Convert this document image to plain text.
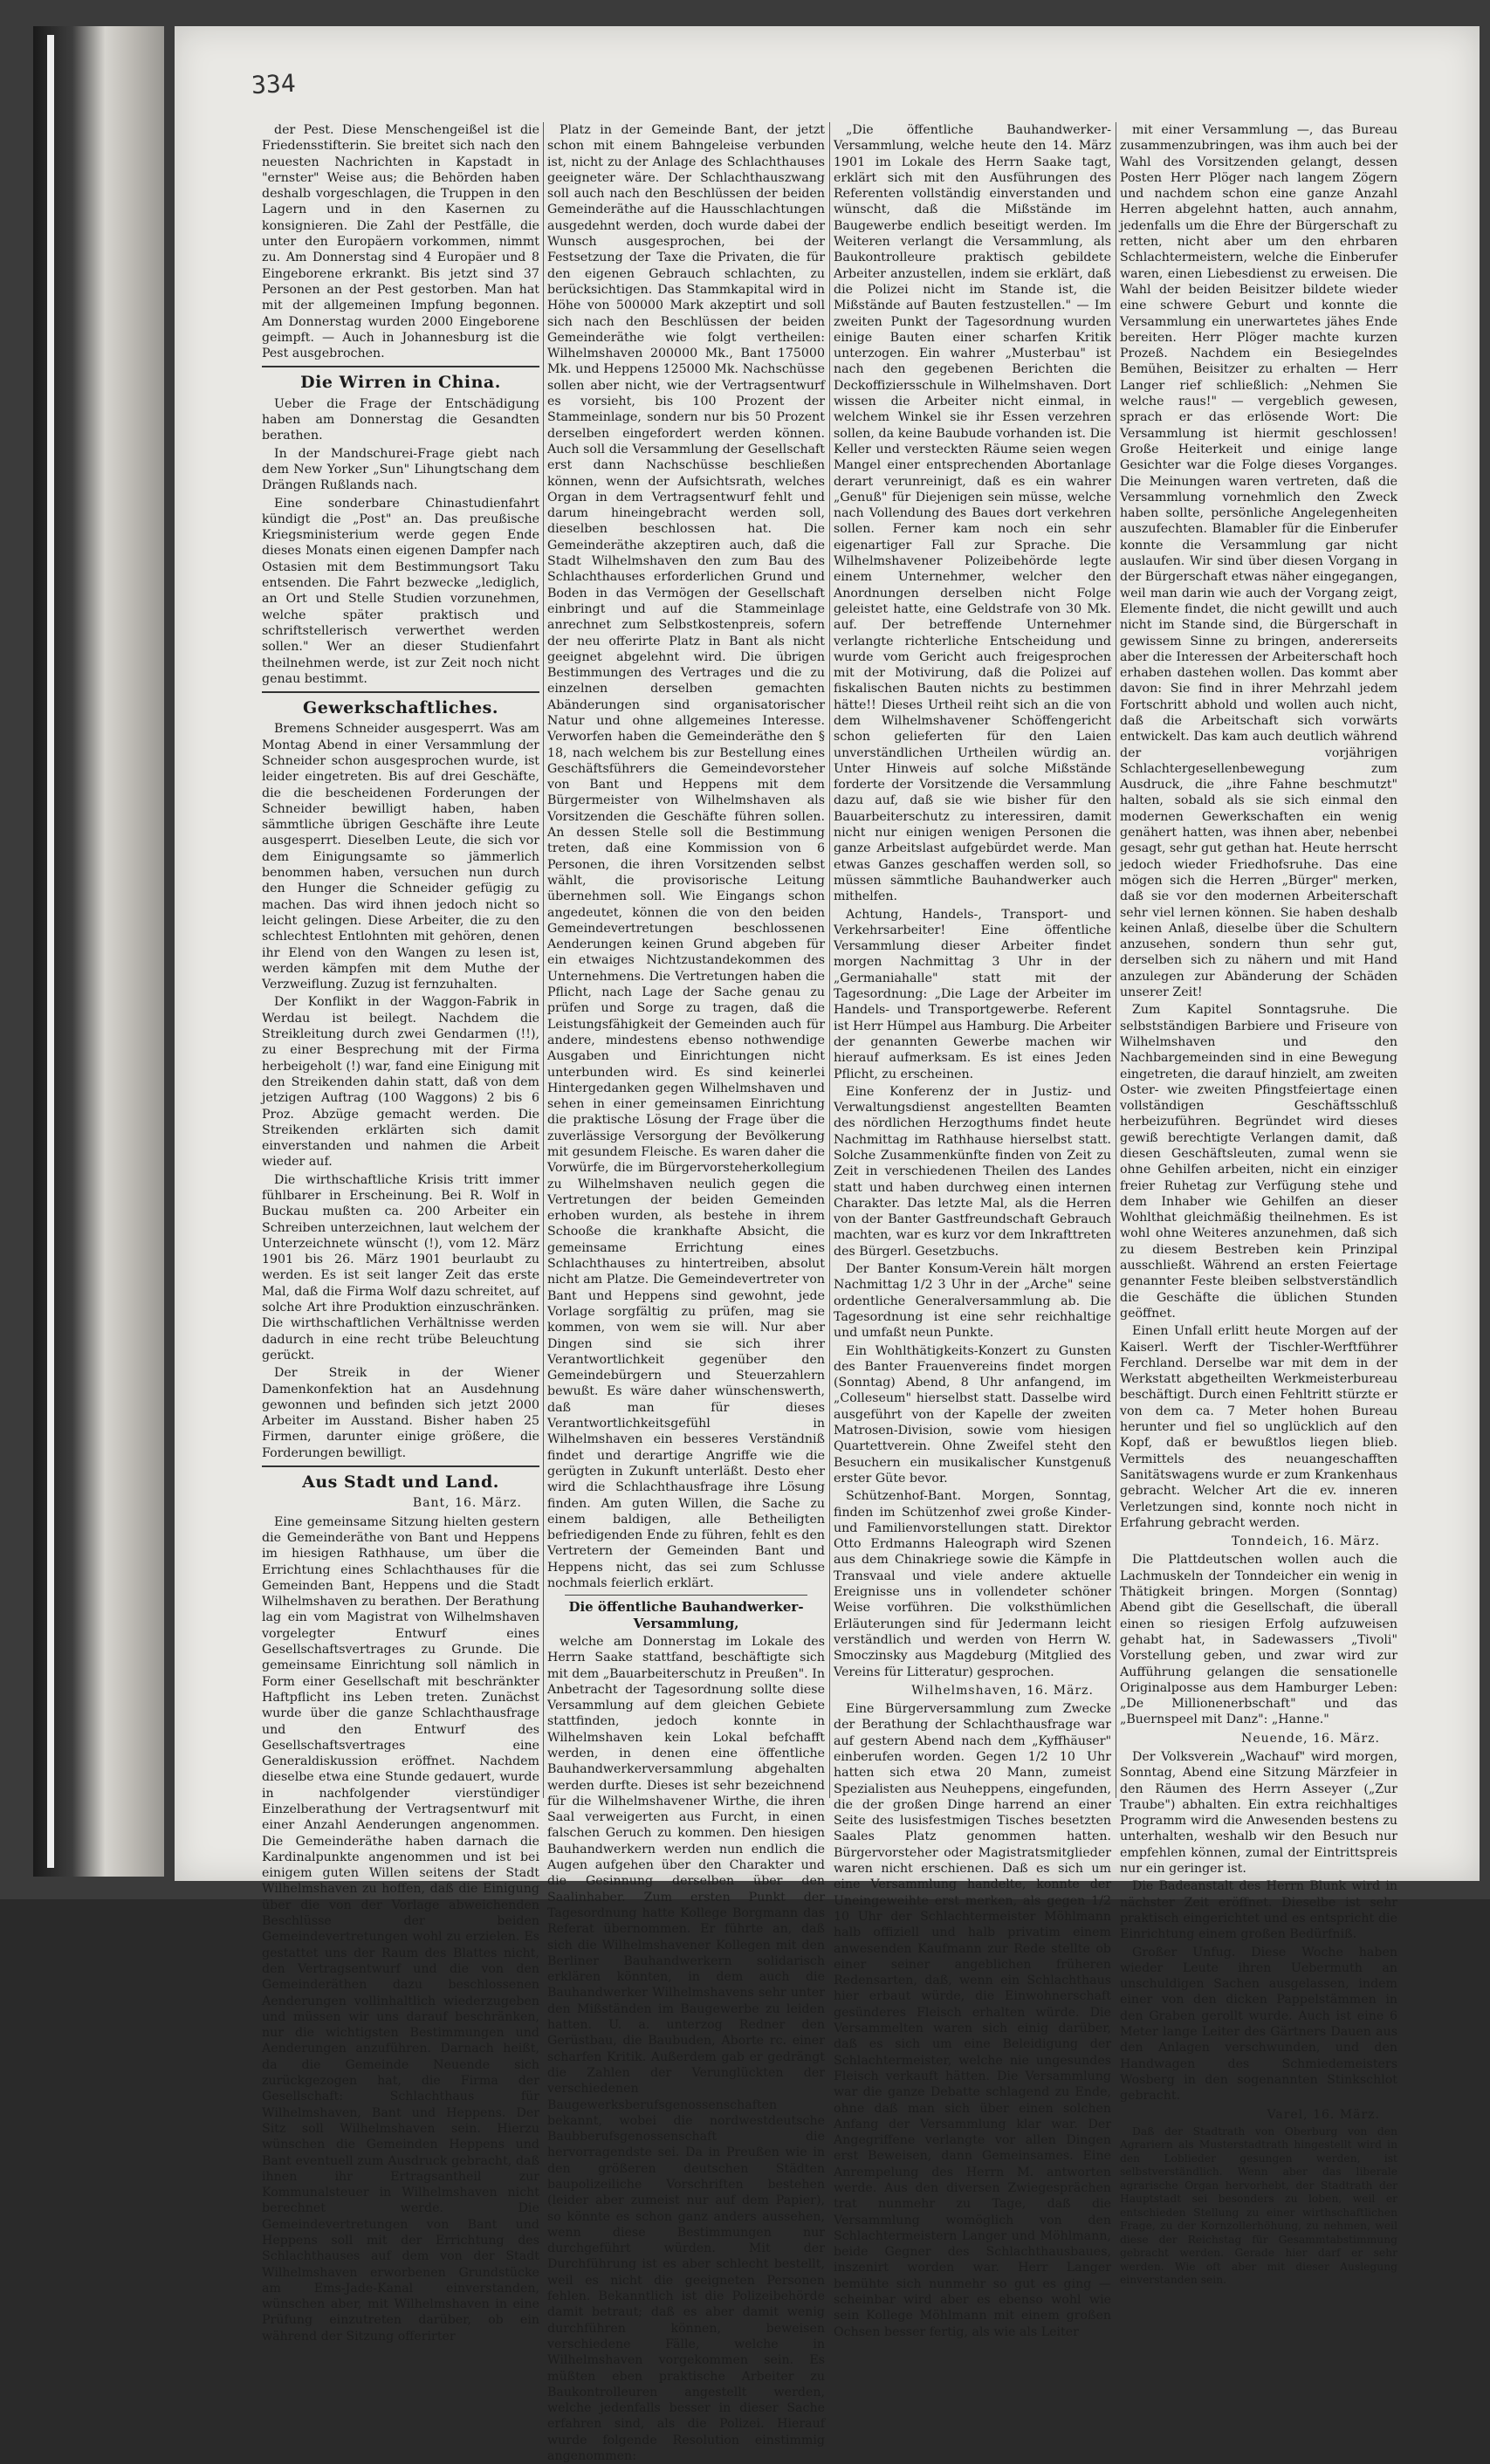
334

der Pest. Diese Menschengeißel ist die Friedensstifterin. Sie breitet sich nach den neuesten Nachrichten in Kapstadt in "ernster" Weise aus; die Behörden haben deshalb vorgeschlagen, die Truppen in den Lagern und in den Kasernen zu konsignieren. Die Zahl der Pestfälle, die unter den Europäern vorkommen, nimmt zu. Am Donnerstag sind 4 Europäer und 8 Eingeborene erkrankt. Bis jetzt sind 37 Personen an der Pest gestorben. Man hat mit der allgemeinen Impfung begonnen. Am Donnerstag wurden 2000 Eingeborene geimpft. — Auch in Johannesburg ist die Pest ausgebrochen.

Die Wirren in China.

Ueber die Frage der Entschädigung haben am Donnerstag die Gesandten berathen.

In der Mandschurei-Frage giebt nach dem New Yorker „Sun" Lihungtschang dem Drängen Rußlands nach.

Eine sonderbare Chinastudienfahrt kündigt die „Post" an. Das preußische Kriegsministerium werde gegen Ende dieses Monats einen eigenen Dampfer nach Ostasien mit dem Bestimmungsort Taku entsenden. Die Fahrt bezwecke „lediglich, an Ort und Stelle Studien vorzunehmen, welche später praktisch und schriftstellerisch verwerthet werden sollen." Wer an dieser Studienfahrt theilnehmen werde, ist zur Zeit noch nicht genau bestimmt.

Gewerkschaftliches.

Bremens Schneider ausgesperrt. Was am Montag Abend in einer Versammlung der Schneider schon ausgesprochen wurde, ist leider eingetreten. Bis auf drei Geschäfte, die die bescheidenen Forderungen der Schneider bewilligt haben, haben sämmtliche übrigen Geschäfte ihre Leute ausgesperrt. Dieselben Leute, die sich vor dem Einigungsamte so jämmerlich benommen haben, versuchen nun durch den Hunger die Schneider gefügig zu machen. Das wird ihnen jedoch nicht so leicht gelingen. Diese Arbeiter, die zu den schlechtest Entlohnten mit gehören, denen ihr Elend von den Wangen zu lesen ist, werden kämpfen mit dem Muthe der Verzweiflung. Zuzug ist fernzuhalten.

Der Konflikt in der Waggon-Fabrik in Werdau ist beilegt. Nachdem die Streikleitung durch zwei Gendarmen (!!), zu einer Besprechung mit der Firma herbeigeholt (!) war, fand eine Einigung mit den Streikenden dahin statt, daß von dem jetzigen Auftrag (100 Waggons) 2 bis 6 Proz. Abzüge gemacht werden. Die Streikenden erklärten sich damit einverstanden und nahmen die Arbeit wieder auf.

Die wirthschaftliche Krisis tritt immer fühlbarer in Erscheinung. Bei R. Wolf in Buckau mußten ca. 200 Arbeiter ein Schreiben unterzeichnen, laut welchem der Unterzeichnete wünscht (!), vom 12. März 1901 bis 26. März 1901 beurlaubt zu werden. Es ist seit langer Zeit das erste Mal, daß die Firma Wolf dazu schreitet, auf solche Art ihre Produktion einzuschränken. Die wirthschaftlichen Verhältnisse werden dadurch in eine recht trübe Beleuchtung gerückt.

Der Streik in der Wiener Damenkonfektion hat an Ausdehnung gewonnen und befinden sich jetzt 2000 Arbeiter im Ausstand. Bisher haben 25 Firmen, darunter einige größere, die Forderungen bewilligt.

Aus Stadt und Land.
Bant, 16. März.

Eine gemeinsame Sitzung hielten gestern die Gemeinderäthe von Bant und Heppens im hiesigen Rathhause, um über die Errichtung eines Schlachthauses für die Gemeinden Bant, Heppens und die Stadt Wilhelmshaven zu berathen. Der Berathung lag ein vom Magistrat von Wilhelmshaven vorgelegter Entwurf eines Gesellschaftsvertrages zu Grunde. Die gemeinsame Einrichtung soll nämlich in Form einer Gesellschaft mit beschränkter Haftpflicht ins Leben treten. Zunächst wurde über die ganze Schlachthausfrage und den Entwurf des Gesellschaftsvertrages eine Generaldiskussion eröffnet. Nachdem dieselbe etwa eine Stunde gedauert, wurde in nachfolgender vierstündiger Einzelberathung der Vertragsentwurf mit einer Anzahl Aenderungen angenommen. Die Gemeinderäthe haben darnach die Kardinalpunkte angenommen und ist bei einigem guten Willen seitens der Stadt Wilhelmshaven zu hoffen, daß die Einigung über die von der Vorlage abweichenden Beschlüsse der beiden Gemeindevertretungen wohl zu erzielen. Es gestattet uns der Raum des Blattes nicht, den Vertragsentwurf und die von den Gemeinderäthen dazu beschlossenen Aenderungen vollinhaltlich wiederzugeben und müssen wir uns darauf beschränken, nur die wichtigsten Bestimmungen und Aenderungen anzuführen. Darnach heißt, da die Gemeinde Neuende sich zurückgezogen hat, die Firma der Gesellschaft: Schlachthaus für Wilhelmshaven, Bant und Heppens. Der Sitz soll Wilhelmshaven sein. Hierzu wünschen die Gemeinden Heppens und Bant eventuell zum Ausdruck gebracht, daß ihnen ihr Ertragsantheil zur Kommunalsteuer in Wilhelmshaven nicht berechnet werde. Die Gemeindevertretungen von Bant und Heppens soll mit der Errichtung des Schlachthauses auf dem von der Stadt Wilhelmshaven erworbenen Grundstücke am Ems-Jade-Kanal einverstanden, wünschen aber, mit Wilhelmshaven in eine Prüfung einzutreten darüber, ob ein während der Sitzung offerirter

Platz in der Gemeinde Bant, der jetzt schon mit einem Bahngeleise verbunden ist, nicht zu der Anlage des Schlachthauses geeigneter wäre. Der Schlachthauszwang soll auch nach den Beschlüssen der beiden Gemeinderäthe auf die Hausschlachtungen ausgedehnt werden, doch wurde dabei der Wunsch ausgesprochen, bei der Festsetzung der Taxe die Privaten, die für den eigenen Gebrauch schlachten, zu berücksichtigen. Das Stammkapital wird in Höhe von 500000 Mark akzeptirt und soll sich nach den Beschlüssen der beiden Gemeinderäthe wie folgt vertheilen: Wilhelmshaven 200000 Mk., Bant 175000 Mk. und Heppens 125000 Mk. Nachschüsse sollen aber nicht, wie der Vertragsentwurf es vorsieht, bis 100 Prozent der Stammeinlage, sondern nur bis 50 Prozent derselben eingefordert werden können. Auch soll die Versammlung der Gesellschaft erst dann Nachschüsse beschließen können, wenn der Aufsichtsrath, welches Organ in dem Vertragsentwurf fehlt und darum hineingebracht werden soll, dieselben beschlossen hat. Die Gemeinderäthe akzeptiren auch, daß die Stadt Wilhelmshaven den zum Bau des Schlachthauses erforderlichen Grund und Boden in das Vermögen der Gesellschaft einbringt und auf die Stammeinlage anrechnet zum Selbstkostenpreis, sofern der neu offerirte Platz in Bant als nicht geeignet abgelehnt wird. Die übrigen Bestimmungen des Vertrages und die zu einzelnen derselben gemachten Abänderungen sind organisatorischer Natur und ohne allgemeines Interesse. Verworfen haben die Gemeinderäthe den § 18, nach welchem bis zur Bestellung eines Geschäftsführers die Gemeindevorsteher von Bant und Heppens mit dem Bürgermeister von Wilhelmshaven als Vorsitzenden die Geschäfte führen sollen. An dessen Stelle soll die Bestimmung treten, daß eine Kommission von 6 Personen, die ihren Vorsitzenden selbst wählt, die provisorische Leitung übernehmen soll. Wie Eingangs schon angedeutet, können die von den beiden Gemeindevertretungen beschlossenen Aenderungen keinen Grund abgeben für ein etwaiges Nichtzustandekommen des Unternehmens. Die Vertretungen haben die Pflicht, nach Lage der Sache genau zu prüfen und Sorge zu tragen, daß die Leistungsfähigkeit der Gemeinden auch für andere, mindestens ebenso nothwendige Ausgaben und Einrichtungen nicht unterbunden wird. Es sind keinerlei Hintergedanken gegen Wilhelmshaven und sehen in einer gemeinsamen Einrichtung die praktische Lösung der Frage über die zuverlässige Versorgung der Bevölkerung mit gesundem Fleische. Es waren daher die Vorwürfe, die im Bürgervorsteherkollegium zu Wilhelmshaven neulich gegen die Vertretungen der beiden Gemeinden erhoben wurden, als bestehe in ihrem Schooße die krankhafte Absicht, die gemeinsame Errichtung eines Schlachthauses zu hintertreiben, absolut nicht am Platze. Die Gemeindevertreter von Bant und Heppens sind gewohnt, jede Vorlage sorgfältig zu prüfen, mag sie kommen, von wem sie will. Nur aber Dingen sind sie sich ihrer Verantwortlichkeit gegenüber den Gemeindebürgern und Steuerzahlern bewußt. Es wäre daher wünschenswerth, daß man für dieses Verantwortlichkeitsgefühl in Wilhelmshaven ein besseres Verständniß findet und derartige Angriffe wie die gerügten in Zukunft unterläßt. Desto eher wird die Schlachthausfrage ihre Lösung finden. Am guten Willen, die Sache zu einem baldigen, alle Betheiligten befriedigenden Ende zu führen, fehlt es den Vertretern der Gemeinden Bant und Heppens nicht, das sei zum Schlusse nochmals feierlich erklärt.

Die öffentliche Bauhandwerker-Versammlung,

welche am Donnerstag im Lokale des Herrn Saake stattfand, beschäftigte sich mit dem „Bauarbeiterschutz in Preußen". In Anbetracht der Tagesordnung sollte diese Versammlung auf dem gleichen Gebiete stattfinden, jedoch konnte in Wilhelmshaven kein Lokal befchafft werden, in denen eine öffentliche Bauhandwerkerversammlung abgehalten werden durfte. Dieses ist sehr bezeichnend für die Wilhelmshavener Wirthe, die ihren Saal verweigerten aus Furcht, in einen falschen Geruch zu kommen. Den hiesigen Bauhandwerkern werden nun endlich die Augen aufgehen über den Charakter und die Gesinnung derselben über den Saalinhaber. Zum ersten Punkt der Tagesordnung hatte Kollege Borgmann das Referat übernommen. Er führte an, daß sich die Wilhelmshavener Kollegen mit den Berliner Bauhandwerkern solidarisch erklären könnten, in dem auch die Bauhandwerker Wilhelmshavens sehr unter den Mißständen im Baugewerbe zu leiden hatten. U. a. unterzog Redner den Gerüstbau, die Baubuden, Aborte rc. einer scharfen Kritik. Außerdem gab er gedrängt die Zahlen der Verunglückten der verschiedenen Baugewerksberufsgenossenschaften bekannt, wobei die nordwestdeutsche Baubberufsgenossenschaft die hervorragendste sei. Da in Preußen wie in den größeren deutschen Städten baupolizeiliche Vorschriften bestehen (leider aber zumeist nur auf dem Papier), so könnte es schon ganz anders aussehen, wenn diese Bestimmungen nur durchgeführt würden. Mit der Durchführung ist es aber schlecht bestellt, weil es nicht die geeigneten Personen fehlen. Bekanntlich ist die Polizeibehörde damit betraut; daß es aber damit wenig durchführen können, beweisen verschiedene Fälle, welche in Wilhelmshaven vorgekommen sein. Es müßten eben praktische Arbeiter zu Baukontrolleuren angestellt werden, welche jedenfalls besser in dieser Sache erfahren sind, als die Polizei. Hierauf wurde folgende Resolution einstimmig angenommen:

„Die öffentliche Bauhandwerker-Versammlung, welche heute den 14. März 1901 im Lokale des Herrn Saake tagt, erklärt sich mit den Ausführungen des Referenten vollständig einverstanden und wünscht, daß die Mißstände im Baugewerbe endlich beseitigt werden. Im Weiteren verlangt die Versammlung, als Baukontrolleure praktisch gebildete Arbeiter anzustellen, indem sie erklärt, daß die Polizei nicht im Stande ist, die Mißstände auf Bauten festzustellen." — Im zweiten Punkt der Tagesordnung wurden einige Bauten einer scharfen Kritik unterzogen. Ein wahrer „Musterbau" ist nach den gegebenen Berichten die Deckoffiziersschule in Wilhelmshaven. Dort wissen die Arbeiter nicht einmal, in welchem Winkel sie ihr Essen verzehren sollen, da keine Baubude vorhanden ist. Die Keller und versteckten Räume seien wegen Mangel einer entsprechenden Abortanlage derart verunreinigt, daß es ein wahrer „Genuß" für Diejenigen sein müsse, welche nach Vollendung des Baues dort verkehren sollen. Ferner kam noch ein sehr eigenartiger Fall zur Sprache. Die Wilhelmshavener Polizeibehörde legte einem Unternehmer, welcher den Anordnungen derselben nicht Folge geleistet hatte, eine Geldstrafe von 30 Mk. auf. Der betreffende Unternehmer verlangte richterliche Entscheidung und wurde vom Gericht auch freigesprochen mit der Motivirung, daß die Polizei auf fiskalischen Bauten nichts zu bestimmen hätte!! Dieses Urtheil reiht sich an die von dem Wilhelmshavener Schöffengericht schon gelieferten für den Laien unverständlichen Urtheilen würdig an. Unter Hinweis auf solche Mißstände forderte der Vorsitzende die Versammlung dazu auf, daß sie wie bisher für den Bauarbeiterschutz zu interessiren, damit nicht nur einigen wenigen Personen die ganze Arbeitslast aufgebürdet werde. Man etwas Ganzes geschaffen werden soll, so müssen sämmtliche Bauhandwerker auch mithelfen.

Achtung, Handels-, Transport- und Verkehrsarbeiter! Eine öffentliche Versammlung dieser Arbeiter findet morgen Nachmittag 3 Uhr in der „Germaniahalle" statt mit der Tagesordnung: „Die Lage der Arbeiter im Handels- und Transportgewerbe. Referent ist Herr Hümpel aus Hamburg. Die Arbeiter der genannten Gewerbe machen wir hierauf aufmerksam. Es ist eines Jeden Pflicht, zu erscheinen.

Eine Konferenz der in Justiz- und Verwaltungsdienst angestellten Beamten des nördlichen Herzogthums findet heute Nachmittag im Rathhause hierselbst statt. Solche Zusammenkünfte finden von Zeit zu Zeit in verschiedenen Theilen des Landes statt und haben durchweg einen internen Charakter. Das letzte Mal, als die Herren von der Banter Gastfreundschaft Gebrauch machten, war es kurz vor dem Inkrafttreten des Bürgerl. Gesetzbuchs.

Der Banter Konsum-Verein hält morgen Nachmittag 1/2 3 Uhr in der „Arche" seine ordentliche Generalversammlung ab. Die Tagesordnung ist eine sehr reichhaltige und umfaßt neun Punkte.

Ein Wohlthätigkeits-Konzert zu Gunsten des Banter Frauenvereins findet morgen (Sonntag) Abend, 8 Uhr anfangend, im „Colleseum" hierselbst statt. Dasselbe wird ausgeführt von der Kapelle der zweiten Matrosen-Division, sowie vom hiesigen Quartettverein. Ohne Zweifel steht den Besuchern ein musikalischer Kunstgenuß erster Güte bevor.

Schützenhof-Bant. Morgen, Sonntag, finden im Schützenhof zwei große Kinder- und Familienvorstellungen statt. Direktor Otto Erdmanns Haleograph wird Szenen aus dem Chinakriege sowie die Kämpfe in Transvaal und viele andere aktuelle Ereignisse uns in vollendeter schöner Weise vorführen. Die volksthümlichen Erläuterungen sind für Jedermann leicht verständlich und werden von Herrn W. Smoczinsky aus Magdeburg (Mitglied des Vereins für Litteratur) gesprochen.

Wilhelmshaven, 16. März.

Eine Bürgerversammlung zum Zwecke der Berathung der Schlachthausfrage war auf gestern Abend nach dem „Kyffhäuser" einberufen worden. Gegen 1/2 10 Uhr hatten sich etwa 20 Mann, zumeist Spezialisten aus Neuheppens, eingefunden, die der großen Dinge harrend an einer Seite des lusisfestmigen Tisches besetzten Saales Platz genommen hatten. Bürgervorsteher oder Magistratsmitglieder waren nicht erschienen. Daß es sich um eine Versammlung handelte, konnte der Uneingeweihte erst merken, als gegen 1/2 10 Uhr der Schlachtermeister Möhlmann halb offiziell und halb privatim einem anwesenden Kaufmann zur Rede stellte ob einer seiner angeblichen früheren Redensarten, daß, wenn ein Schlachthaus hier erbaut würde, die Einwohnerschaft gesünderes Fleisch erhalten würde. Die Versammelten waren sich einig darüber, daß es sich um eine Beleidigung der Schlachtermeister, welche nie ungesundes Fleisch verkauft hätten. Die Versammlung war die ganze Debatte schlagend zu Ende, ohne daß man sich über einen solchen Anfang der Versammlung klar war. Der Angegriffene verlangte vor allen Dingen erst Beweisen, dann Gemeinsames. Eine Anrempelung des Herrn M. antworten werde. Aus den diversen Zwiegesprächen trat nunmehr zu Tage, daß die Versammlung womöglich von den Schlachtermeistern Langer und Möhlmann, beide Gegner des Schlachthausbaues, inszenirt worden war. Herr Langer bemühte sich nunmehr so gut es ging — scheinbar wird aber es ebenso wohl wie sein Kollege Möhlmann mit einem großen Ochsen besser fertig, als wie als Leiter

mit einer Versammlung —, das Bureau zusammenzubringen, was ihm auch bei der Wahl des Vorsitzenden gelangt, dessen Posten Herr Plöger nach langem Zögern und nachdem schon eine ganze Anzahl Herren abgelehnt hatten, auch annahm, jedenfalls um die Ehre der Bürgerschaft zu retten, nicht aber um den ehrbaren Schlachtermeistern, welche die Einberufer waren, einen Liebesdienst zu erweisen. Die Wahl der beiden Beisitzer bildete wieder eine schwere Geburt und konnte die Versammlung ein unerwartetes jähes Ende bereiten. Herr Plöger machte kurzen Prozeß. Nachdem ein Besiegelndes Bemühen, Beisitzer zu erhalten — Herr Langer rief schließlich: „Nehmen Sie welche raus!" — vergeblich gewesen, sprach er das erlösende Wort: Die Versammlung ist hiermit geschlossen! Große Heiterkeit und einige lange Gesichter war die Folge dieses Vorganges. Die Meinungen waren vertreten, daß die Versammlung vornehmlich den Zweck haben sollte, persönliche Angelegenheiten auszufechten. Blamabler für die Einberufer konnte die Versammlung gar nicht auslaufen. Wir sind über diesen Vorgang in der Bürgerschaft etwas näher eingegangen, weil man darin wie auch der Vorgang zeigt, Elemente findet, die nicht gewillt und auch nicht im Stande sind, die Bürgerschaft in gewissem Sinne zu bringen, andererseits aber die Interessen der Arbeiterschaft hoch erhaben dastehen wollen. Das kommt aber davon: Sie find in ihrer Mehrzahl jedem Fortschritt abhold und wollen auch nicht, daß die Arbeitschaft sich vorwärts entwickelt. Das kam auch deutlich während der vorjährigen Schlachtergesellenbewegung zum Ausdruck, die „ihre Fahne beschmutzt" halten, sobald als sie sich einmal den modernen Gewerkschaften ein wenig genähert hatten, was ihnen aber, nebenbei gesagt, sehr gut gethan hat. Heute herrscht jedoch wieder Friedhofsruhe. Das eine mögen sich die Herren „Bürger" merken, daß sie vor den modernen Arbeiterschaft sehr viel lernen können. Sie haben deshalb keinen Anlaß, dieselbe über die Schultern anzusehen, sondern thun sehr gut, derselben sich zu nähern und mit Hand anzulegen zur Abänderung der Schäden unserer Zeit!

Zum Kapitel Sonntagsruhe. Die selbstständigen Barbiere und Friseure von Wilhelmshaven und den Nachbargemeinden sind in eine Bewegung eingetreten, die darauf hinzielt, am zweiten Oster- wie zweiten Pfingstfeiertage einen vollständigen Geschäftsschluß herbeizuführen. Begründet wird dieses gewiß berechtigte Verlangen damit, daß diesen Geschäftsleuten, zumal wenn sie ohne Gehilfen arbeiten, nicht ein einziger freier Ruhetag zur Verfügung stehe und dem Inhaber wie Gehilfen an dieser Wohlthat gleichmäßig theilnehmen. Es ist wohl ohne Weiteres anzunehmen, daß sich zu diesem Bestreben kein Prinzipal ausschließt. Während an ersten Feiertage genannter Feste bleiben selbstverständlich die Geschäfte die üblichen Stunden geöffnet.

Einen Unfall erlitt heute Morgen auf der Kaiserl. Werft der Tischler-Werftführer Ferchland. Derselbe war mit dem in der Werkstatt abgetheilten Werkmeisterbureau beschäftigt. Durch einen Fehltritt stürzte er von dem ca. 7 Meter hohen Bureau herunter und fiel so unglücklich auf den Kopf, daß er bewußtlos liegen blieb. Vermittels des neuangeschafften Sanitätswagens wurde er zum Krankenhaus gebracht. Welcher Art die ev. inneren Verletzungen sind, konnte noch nicht in Erfahrung gebracht werden.

Tonndeich, 16. März.

Die Plattdeutschen wollen auch die Lachmuskeln der Tonndeicher ein wenig in Thätigkeit bringen. Morgen (Sonntag) Abend gibt die Gesellschaft, die überall einen so riesigen Erfolg aufzuweisen gehabt hat, in Sadewassers „Tivoli" Vorstellung geben, und zwar wird zur Aufführung gelangen die sensationelle Originalposse aus dem Hamburger Leben: „De Millionenerbschaft" und das „Buernspeel mit Danz": „Hanne."

Neuende, 16. März.

Der Volksverein „Wachauf" wird morgen, Sonntag, Abend eine Sitzung Märzfeier in den Räumen des Herrn Asseyer („Zur Traube") abhalten. Ein extra reichhaltiges Programm wird die Anwesenden bestens zu unterhalten, weshalb wir den Besuch nur empfehlen können, zumal der Eintrittspreis nur ein geringer ist.

Die Badeanstalt des Herrn Blunk wird in nächster Zeit eröffnet. Dieselbe ist sehr praktisch eingerichtet und es entspricht die Einrichtung einem großen Bedürfniß.

Großer Unfug. Diese Woche haben wieder Leute ihren Uebermuth an unschuldigen Sachen ausgelassen, indem einer von den dicken Pappelstämmen in den Graben gerollt wurde. Auch ist eine 6 Meter lange Leiter des Gärtners Dauen aus den Anlagen verschwunden, und den Handwagen des Schmiedemeisters Wosberg in den sogenannten Stinkschlot gebracht.

Varel, 16. März.

Daß der Stadtrath von Oberburg von den Agrariern als Musterstadtrath hingestellt wird in den Loblieder gesungen werden, ist selbstverständlich. Wenn aber das liberale agrarische Organ hervorhebt, der Stadtrath der Hauptstadt sei besonders zu loben, weil er entschieden Stellung zu einer wirthschaftlichen Frage, zu der Kornzollerhöhung, zu nehmen, weil diese der Reichstag für Gesammtabstimmung gebracht werden. Gerade hier darf er sehr werden. Wie oft aber mit dieser Auslegung einverstanden sein.
